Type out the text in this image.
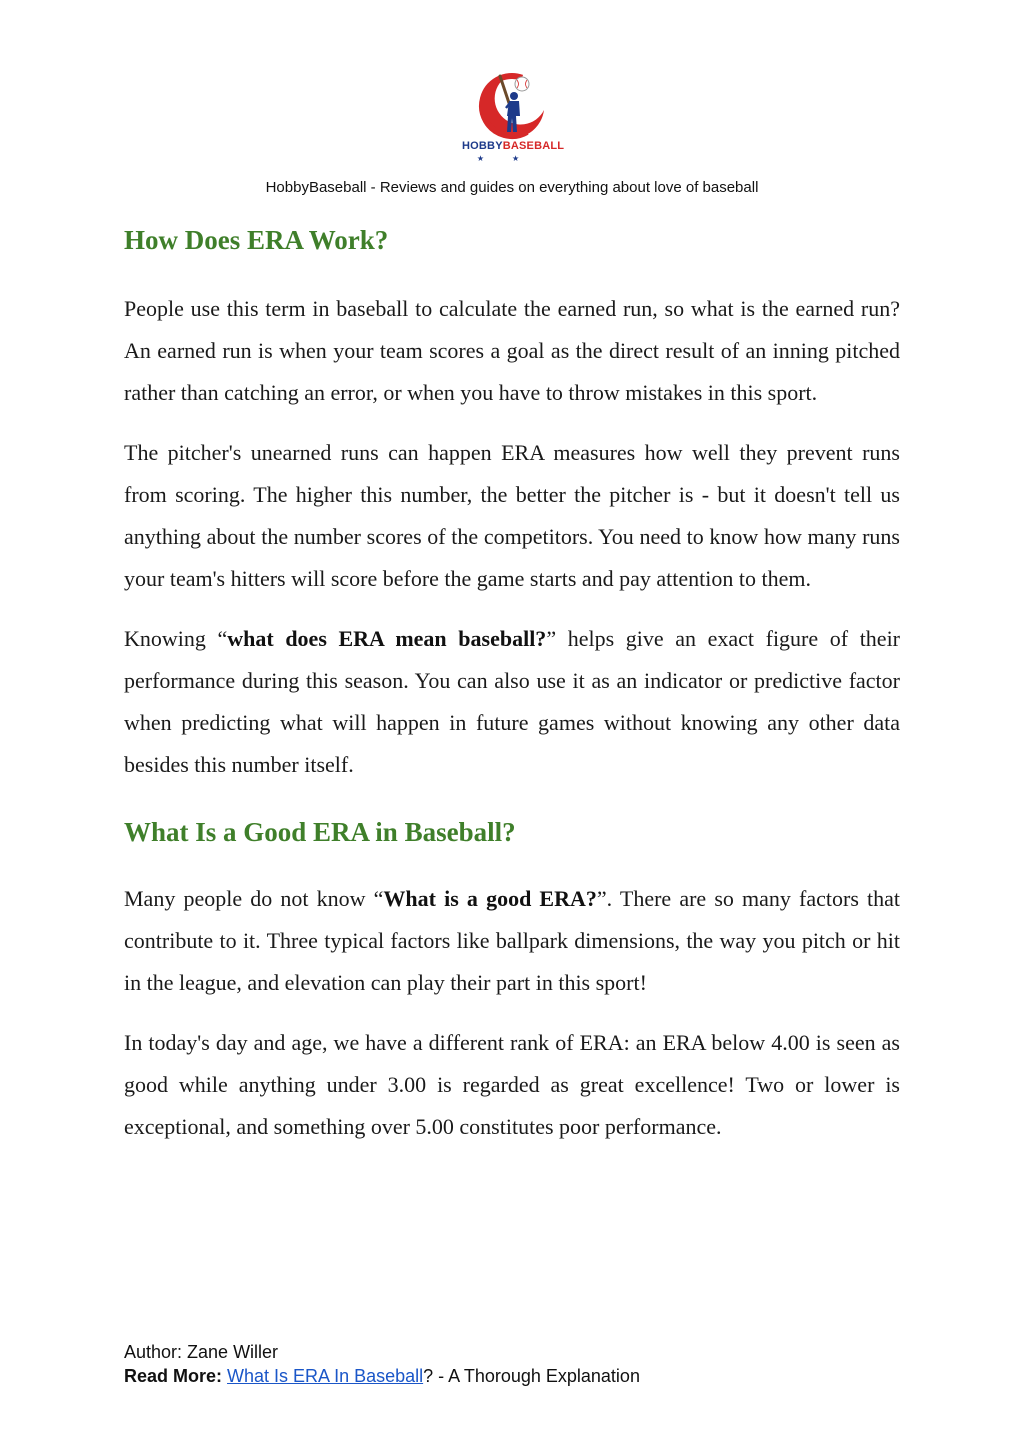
HOBBYBASEBALL
★★
HobbyBaseball - Reviews and guides on everything about love of baseball
How Does ERA Work?

People use this term in baseball to calculate the earned run, so what is the earned run? An earned run is when your team scores a goal as the direct result of an inning pitched rather than catching an error, or when you have to throw mistakes in this sport.

The pitcher's unearned runs can happen ERA measures how well they prevent runs from scoring. The higher this number, the better the pitcher is - but it doesn't tell us anything about the number scores of the competitors. You need to know how many runs your team's hitters will score before the game starts and pay attention to them.

Knowing “what does ERA mean baseball?” helps give an exact figure of their performance during this season. You can also use it as an indicator or predictive factor when predicting what will happen in future games without knowing any other data besides this number itself.

What Is a Good ERA in Baseball?

Many people do not know “What is a good ERA?”. There are so many factors that contribute to it. Three typical factors like ballpark dimensions, the way you pitch or hit in the league, and elevation can play their part in this sport!

In today's day and age, we have a different rank of ERA: an ERA below 4.00 is seen as good while anything under 3.00 is regarded as great excellence! Two or lower is exceptional, and something over 5.00 constitutes poor performance.

Author: Zane Willer
Read More: What Is ERA In Baseball? - A Thorough Explanation
